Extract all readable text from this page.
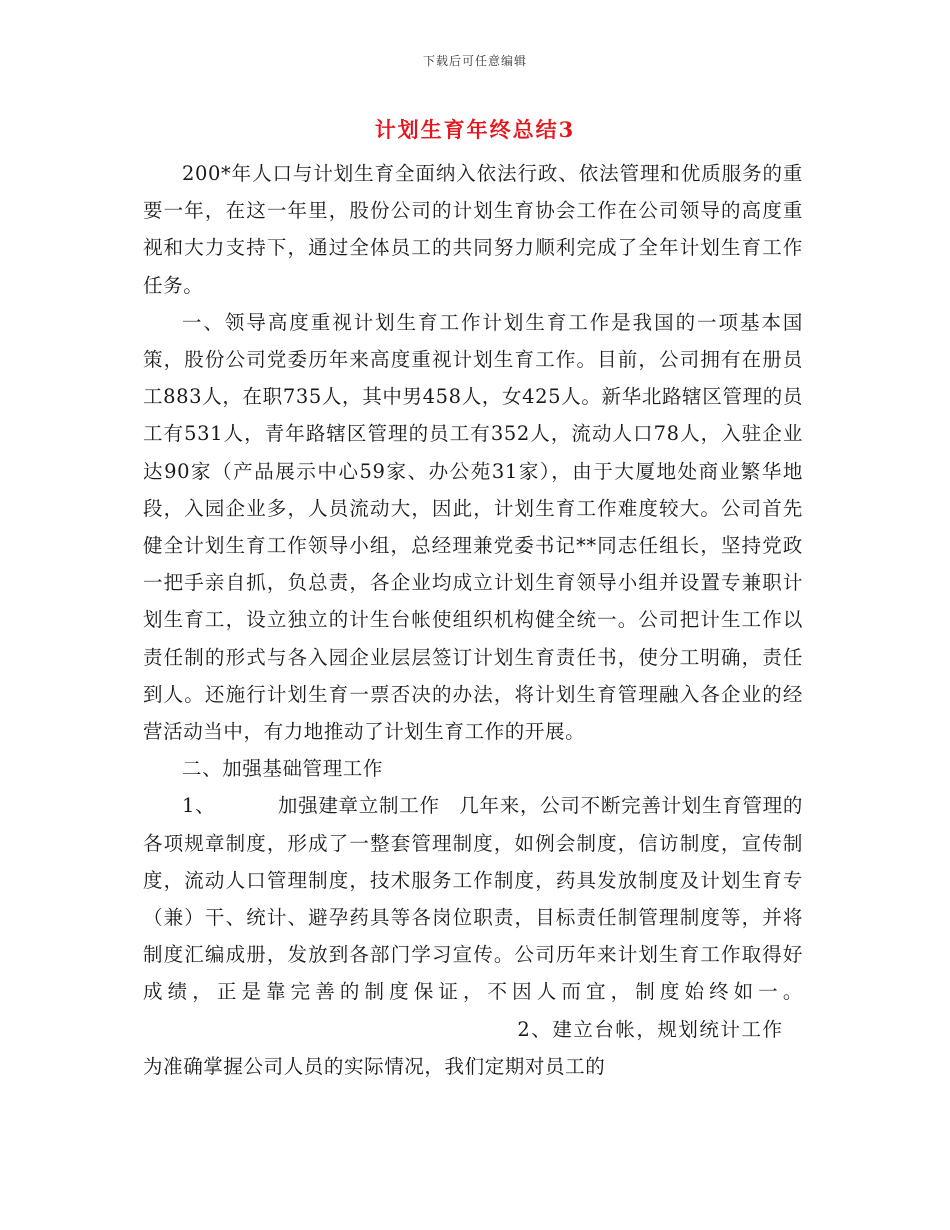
下载后可任意编辑
计划生育年终总结3

200*年人口与计划生育全面纳入依法行政、依法管理和优质服务的重要一年，在这一年里，股份公司的计划生育协会工作在公司领导的高度重视和大力支持下，通过全体员工的共同努力顺利完成了全年计划生育工作任务。

一、领导高度重视计划生育工作计划生育工作是我国的一项基本国策，股份公司党委历年来高度重视计划生育工作。目前，公司拥有在册员工883人，在职735人，其中男458人，女425人。新华北路辖区管理的员工有531人，青年路辖区管理的员工有352人，流动人口78人，入驻企业达90家（产品展示中心59家、办公苑31家），由于大厦地处商业繁华地段，入园企业多，人员流动大，因此，计划生育工作难度较大。公司首先健全计划生育工作领导小组，总经理兼党委书记**同志任组长，坚持党政一把手亲自抓，负总责，各企业均成立计划生育领导小组并设置专兼职计划生育工，设立独立的计生台帐使组织机构健全统一。公司把计生工作以责任制的形式与各入园企业层层签订计划生育责任书，使分工明确，责任到人。还施行计划生育一票否决的办法，将计划生育管理融入各企业的经营活动当中，有力地推动了计划生育工作的开展。

二、加强基础管理工作

1、	加强建章立制工作 几年来，公司不断完善计划生育管理的各项规章制度，形成了一整套管理制度，如例会制度，信访制度，宣传制度，流动人口管理制度，技术服务工作制度，药具发放制度及计划生育专（兼）干、统计、避孕药具等各岗位职责，目标责任制管理制度等，并将制度汇编成册，发放到各部门学习宣传。公司历年来计划生育工作取得好成绩，正是靠完善的制度保证，不因人而宜，制度始终如一。2、建立台帐，规划统计工作为准确掌握公司人员的实际情况，我们定期对员工的
